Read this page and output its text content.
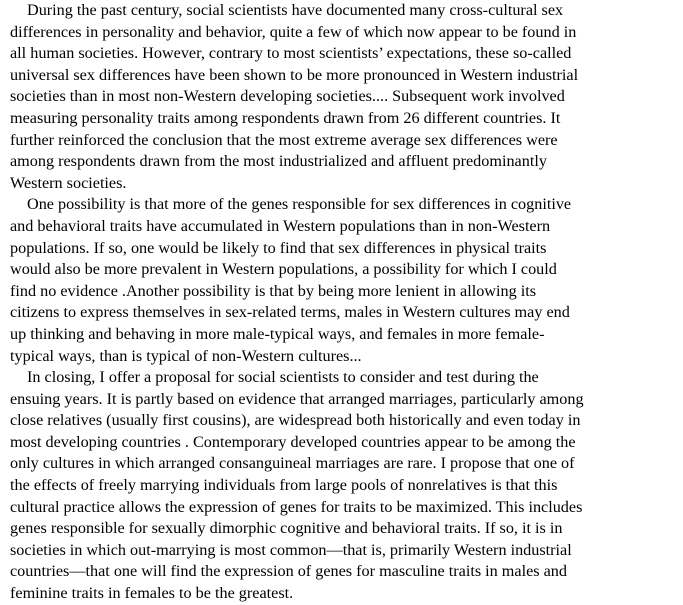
During the past century, social scientists have documented many cross-cultural sex
differences in personality and behavior, quite a few of which now appear to be found in
all human societies. However, contrary to most scientists’ expectations, these so-called
universal sex differences have been shown to be more pronounced in Western industrial
societies than in most non-Western developing societies.... Subsequent work involved
measuring personality traits among respondents drawn from 26 different countries. It
further reinforced the conclusion that the most extreme average sex differences were
among respondents drawn from the most industrialized and affluent predominantly
Western societies.

One possibility is that more of the genes responsible for sex differences in cognitive
and behavioral traits have accumulated in Western populations than in non-Western
populations. If so, one would be likely to find that sex differences in physical traits
would also be more prevalent in Western populations, a possibility for which I could
find no evidence .Another possibility is that by being more lenient in allowing its
citizens to express themselves in sex-related terms, males in Western cultures may end
up thinking and behaving in more male-typical ways, and females in more female-
typical ways, than is typical of non-Western cultures...

In closing, I offer a proposal for social scientists to consider and test during the
ensuing years. It is partly based on evidence that arranged marriages, particularly among
close relatives (usually first cousins), are widespread both historically and even today in
most developing countries . Contemporary developed countries appear to be among the
only cultures in which arranged consanguineal marriages are rare. I propose that one of
the effects of freely marrying individuals from large pools of nonrelatives is that this
cultural practice allows the expression of genes for traits to be maximized. This includes
genes responsible for sexually dimorphic cognitive and behavioral traits. If so, it is in
societies in which out-marrying is most common—that is, primarily Western industrial
countries—that one will find the expression of genes for masculine traits in males and
feminine traits in females to be the greatest.
